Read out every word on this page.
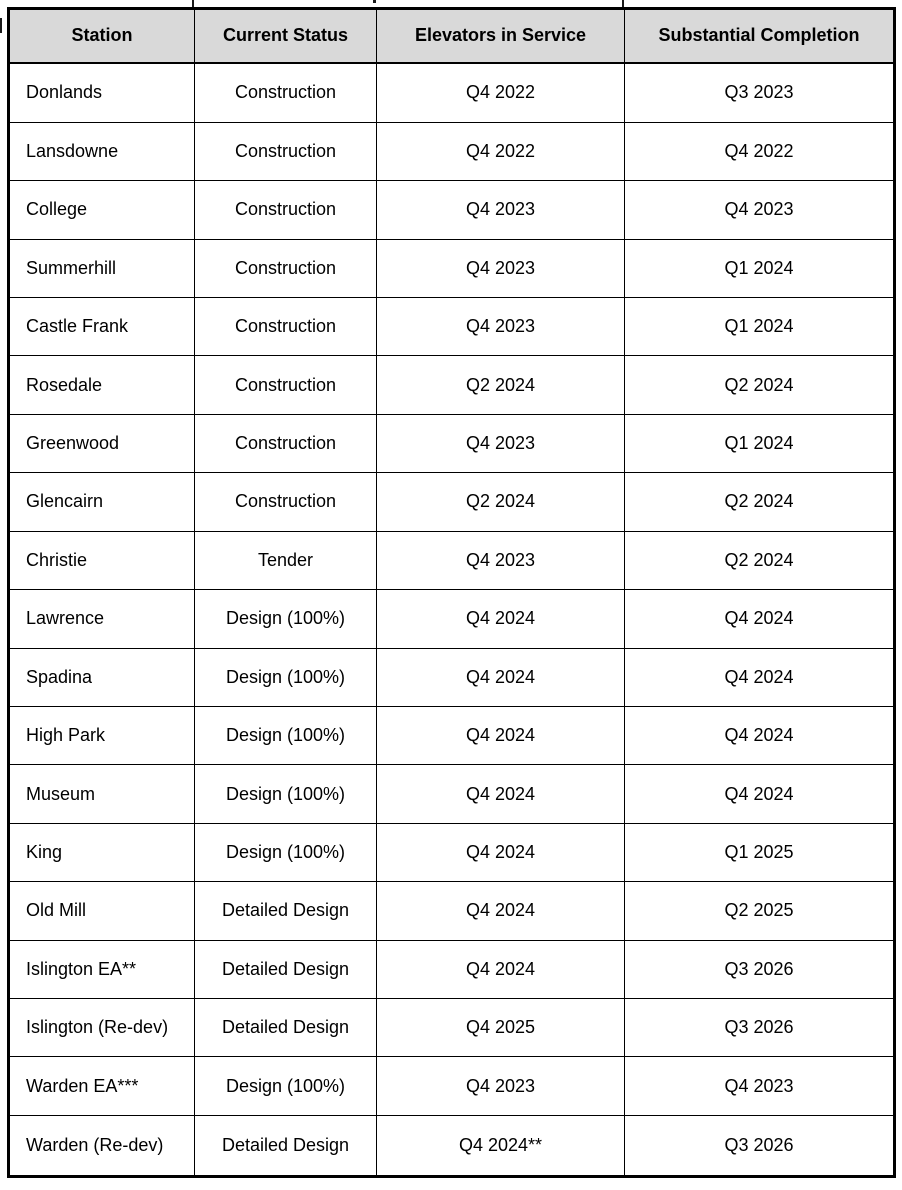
Station	Current Status	Elevators in Service	Substantial Completion
Donlands	Construction	Q4 2022	Q3 2023
Lansdowne	Construction	Q4 2022	Q4 2022
College	Construction	Q4 2023	Q4 2023
Summerhill	Construction	Q4 2023	Q1 2024
Castle Frank	Construction	Q4 2023	Q1 2024
Rosedale	Construction	Q2 2024	Q2 2024
Greenwood	Construction	Q4 2023	Q1 2024
Glencairn	Construction	Q2 2024	Q2 2024
Christie	Tender	Q4 2023	Q2 2024
Lawrence	Design (100%)	Q4 2024	Q4 2024
Spadina	Design (100%)	Q4 2024	Q4 2024
High Park	Design (100%)	Q4 2024	Q4 2024
Museum	Design (100%)	Q4 2024	Q4 2024
King	Design (100%)	Q4 2024	Q1 2025
Old Mill	Detailed Design	Q4 2024	Q2 2025
Islington EA**	Detailed Design	Q4 2024	Q3 2026
Islington (Re-dev)	Detailed Design	Q4 2025	Q3 2026
Warden EA***	Design (100%)	Q4 2023	Q4 2023
Warden (Re-dev)	Detailed Design	Q4 2024**	Q3 2026
